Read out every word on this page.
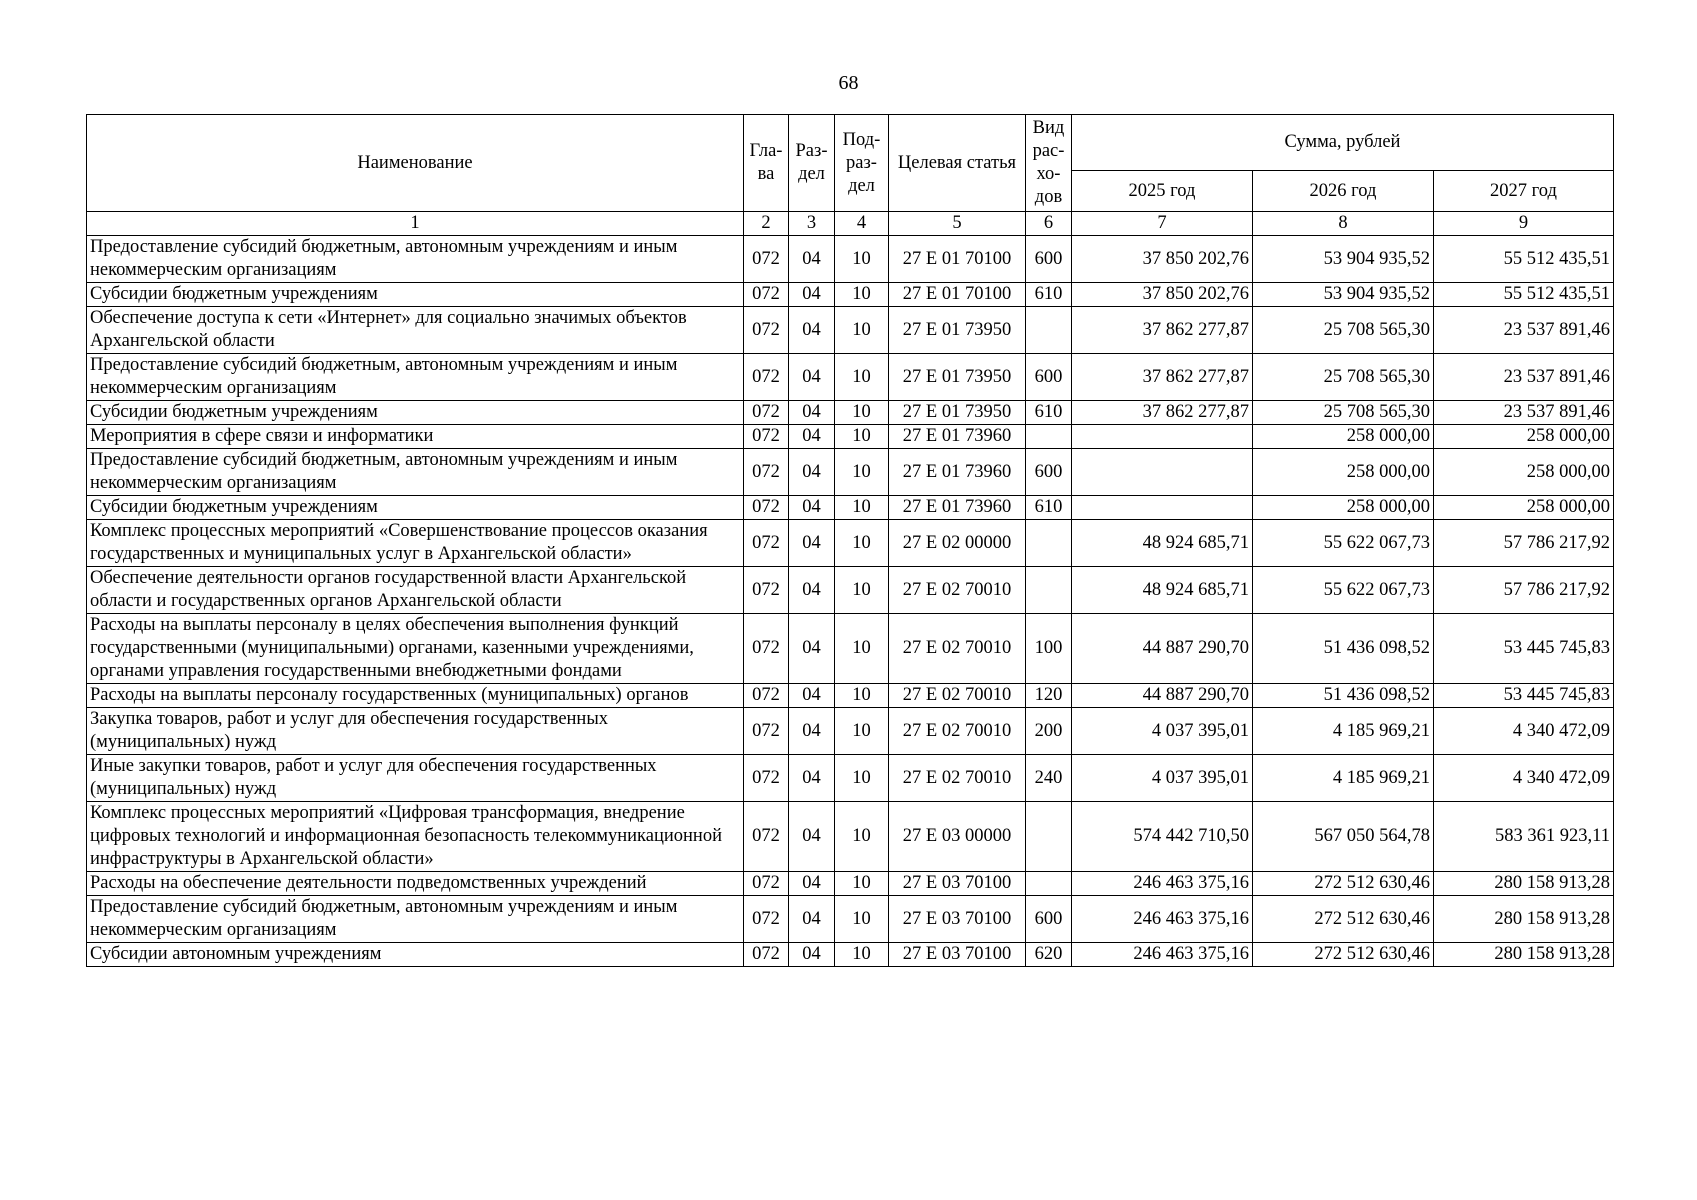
68
Наименование	Гла-ва	Раз-дел	Под-раз-дел	Целевая статья	Вид рас-хо-дов	Сумма, рублей		
						2025 год	2026 год	2027 год
1	2	3	4	5	6	7	8	9
Предоставление субсидий бюджетным, автономным учреждениям и иным некоммерческим организациям	072	04	10	27 Е 01 70100	600	37 850 202,76	53 904 935,52	55 512 435,51
Субсидии бюджетным учреждениям	072	04	10	27 Е 01 70100	610	37 850 202,76	53 904 935,52	55 512 435,51
Обеспечение доступа к сети «Интернет» для социально значимых объектов Архангельской области	072	04	10	27 Е 01 73950		37 862 277,87	25 708 565,30	23 537 891,46
Предоставление субсидий бюджетным, автономным учреждениям и иным некоммерческим организациям	072	04	10	27 Е 01 73950	600	37 862 277,87	25 708 565,30	23 537 891,46
Субсидии бюджетным учреждениям	072	04	10	27 Е 01 73950	610	37 862 277,87	25 708 565,30	23 537 891,46
Мероприятия в сфере связи и информатики	072	04	10	27 Е 01 73960			258 000,00	258 000,00
Предоставление субсидий бюджетным, автономным учреждениям и иным некоммерческим организациям	072	04	10	27 Е 01 73960	600		258 000,00	258 000,00
Субсидии бюджетным учреждениям	072	04	10	27 Е 01 73960	610		258 000,00	258 000,00
Комплекс процессных мероприятий «Совершенствование процессов оказания государственных и муниципальных услуг в Архангельской области»	072	04	10	27 Е 02 00000		48 924 685,71	55 622 067,73	57 786 217,92
Обеспечение деятельности органов государственной власти Архангельской области и государственных органов Архангельской области	072	04	10	27 Е 02 70010		48 924 685,71	55 622 067,73	57 786 217,92
Расходы на выплаты персоналу в целях обеспечения выполнения функций государственными (муниципальными) органами, казенными учреждениями, органами управления государственными внебюджетными фондами	072	04	10	27 Е 02 70010	100	44 887 290,70	51 436 098,52	53 445 745,83
Расходы на выплаты персоналу государственных (муниципальных) органов	072	04	10	27 Е 02 70010	120	44 887 290,70	51 436 098,52	53 445 745,83
Закупка товаров, работ и услуг для обеспечения государственных (муниципальных) нужд	072	04	10	27 Е 02 70010	200	4 037 395,01	4 185 969,21	4 340 472,09
Иные закупки товаров, работ и услуг для обеспечения государственных (муниципальных) нужд	072	04	10	27 Е 02 70010	240	4 037 395,01	4 185 969,21	4 340 472,09
Комплекс процессных мероприятий «Цифровая трансформация, внедрение цифровых технологий и информационная безопасность телекоммуникационной инфраструктуры в Архангельской области»	072	04	10	27 Е 03 00000		574 442 710,50	567 050 564,78	583 361 923,11
Расходы на обеспечение деятельности подведомственных учреждений	072	04	10	27 Е 03 70100		246 463 375,16	272 512 630,46	280 158 913,28
Предоставление субсидий бюджетным, автономным учреждениям и иным некоммерческим организациям	072	04	10	27 Е 03 70100	600	246 463 375,16	272 512 630,46	280 158 913,28
Субсидии автономным учреждениям	072	04	10	27 Е 03 70100	620	246 463 375,16	272 512 630,46	280 158 913,28
